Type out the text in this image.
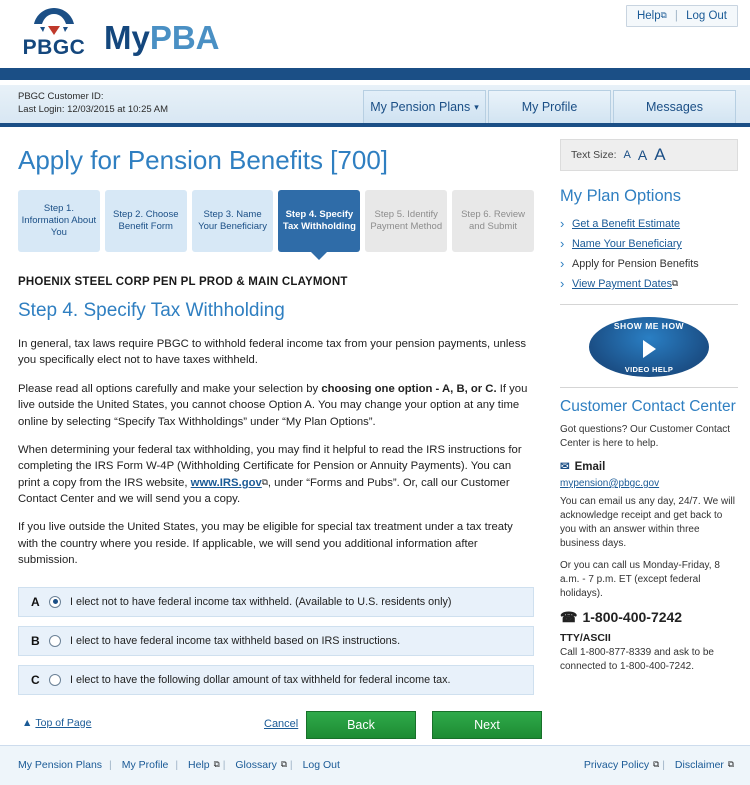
PBGC MyPBA
Help⧉ | Log Out
PBGC Customer ID:
Last Login: 12/03/2015 at 10:25 AM	My Pension Plans ▾	My Profile	Messages
Apply for Pension Benefits [700]
Step 1. Information About You
Step 2. Choose Benefit Form
Step 3. Name Your Beneficiary
Step 4. Specify Tax Withholding
Step 5. Identify Payment Method
Step 6. Review and Submit
PHOENIX STEEL CORP PEN PL PROD & MAIN CLAYMONT
Step 4. Specify Tax Withholding

In general, tax laws require PBGC to withhold federal income tax from your pension payments, unless you specifically elect not to have taxes withheld.

Please read all options carefully and make your selection by choosing one option - A, B, or C. If you live outside the United States, you cannot choose Option A. You may change your option at any time online by selecting “Specify Tax Withholdings” under “My Plan Options”.

When determining your federal tax withholding, you may find it helpful to read the IRS instructions for completing the IRS Form W-4P (Withholding Certificate for Pension or Annuity Payments). You can print a copy from the IRS website, www.IRS.gov⧉, under “Forms and Pubs”. Or, call our Customer Contact Center and we will send you a copy.

If you live outside the United States, you may be eligible for special tax treatment under a tax treaty with the country where you reside. If applicable, we will send you additional information after submission.

A	I elect not to have federal income tax withheld. (Available to U.S. residents only)
B	I elect to have federal income tax withheld based on IRS instructions.
C	I elect to have the following dollar amount of tax withheld for federal income tax.
▲ Top of Page	Cancel	Back	Next
Text Size: A A A
My Plan Options
› Get a Benefit Estimate
› Name Your Beneficiary
› Apply for Pension Benefits
› View Payment Dates⧉
SHOW ME HOW
VIDEO HELP
Customer Contact Center

Got questions? Our Customer Contact Center is here to help.

✉ Email
mypension@pbgc.gov

You can email us any day, 24/7. We will acknowledge receipt and get back to you with an answer within three business days.

Or you can call us Monday-Friday, 8 a.m. - 7 p.m. ET (except federal holidays).

☎ 1-800-400-7242
TTY/ASCII

Call 1-800-877-8339 and ask to be connected to 1-800-400-7242.

My Pension Plans | My Profile | Help ⧉ | Glossary ⧉ | Log Out	Privacy Policy ⧉ | Disclaimer ⧉
